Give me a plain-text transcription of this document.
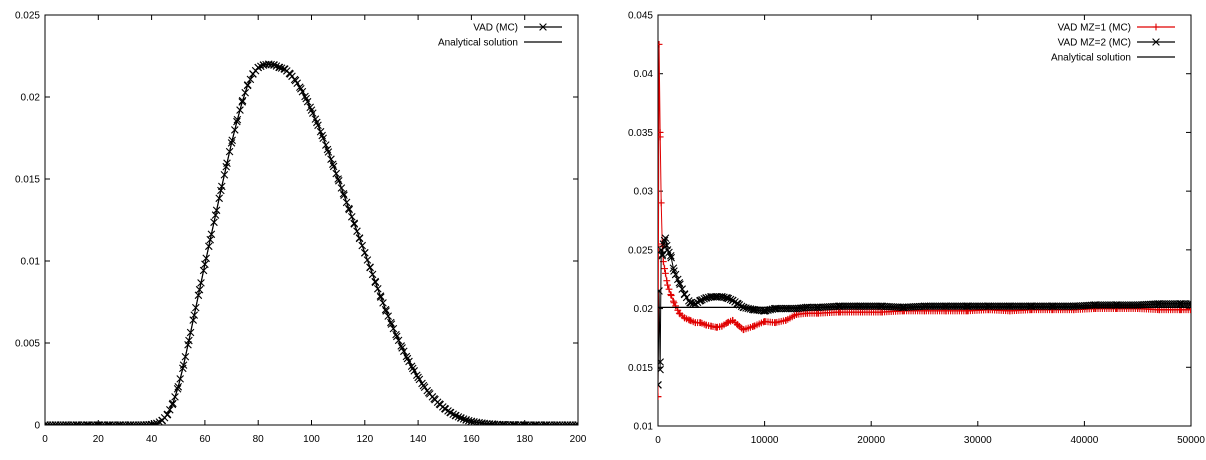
0	20	40	60	80	100	120	140	160	180	200
0
0.005
0.01
0.015
0.02
0.025
VAD (MC)
Analytical solution
0	10000	20000	30000	40000	50000
0.01
0.015
0.02
0.025
0.03
0.035
0.04
0.045
VAD MZ=1 (MC)
VAD MZ=2 (MC)
Analytical solution
